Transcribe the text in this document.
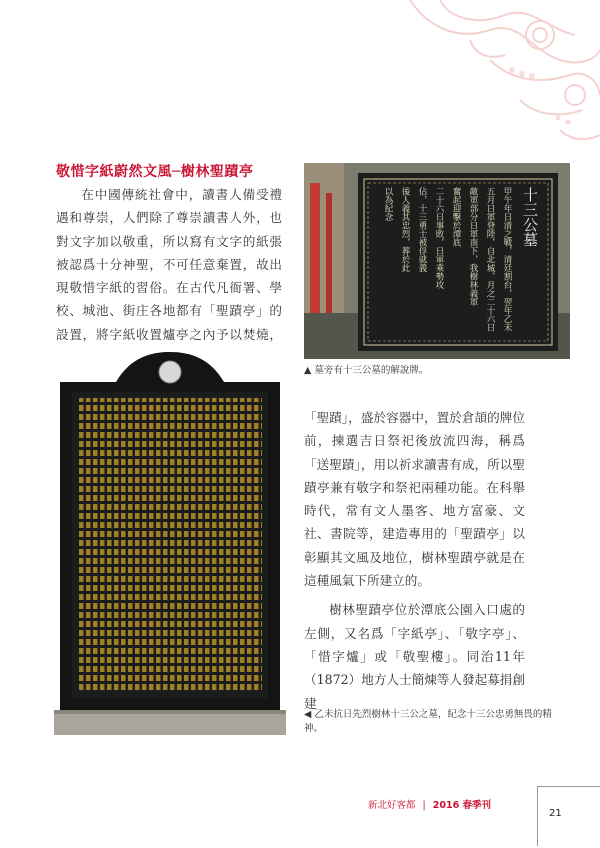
敬惜字紙蔚然文風─樹林聖蹟亭

在中國傳統社會中，讀書人備受禮遇和尊崇，人們除了尊崇讀書人外，也對文字加以敬重，所以寫有文字的紙張被認爲十分神聖，不可任意棄置，故出現敬惜字紙的習俗。在古代凡衙署、學校、城池、街庄各地都有「聖蹟亭」的設置，將字紙收置爐亭之內予以焚燒，

十三公墓
甲午年日清之戰，清廷割台，翌年乙未
五月日軍登陸，自北城，月之二十六日
敵軍部分日軍南下，我樹林義軍
奮起迎擊於潭底
二十六日事敗，日軍乘勢攻
佔，十三勇士被俘就義
後人義其忠烈，葬於此
以為紀念
▲ 墓旁有十三公墓的解說牌。

「聖蹟」，盛於容器中，置於倉頡的牌位前，揀選吉日祭祀後放流四海，稱爲「送聖蹟」，用以祈求讀書有成，所以聖蹟亭兼有敬字和祭祀兩種功能。在科舉時代，常有文人墨客、地方富豪、文社、書院等，建造專用的「聖蹟亭」以彰顯其文風及地位，樹林聖蹟亭就是在這種風氣下所建立的。

樹林聖蹟亭位於潭底公園入口處的左側，又名爲「字紙亭」、「敬字亭」、「惜字爐」或「敬聖樓」。同治11年（1872）地方人士簡煉等人發起募捐創建

◀ 乙未抗日先烈樹林十三公之墓，紀念十三公忠勇無畏的精神。
新北好客都 | 2016 春季刊
21
